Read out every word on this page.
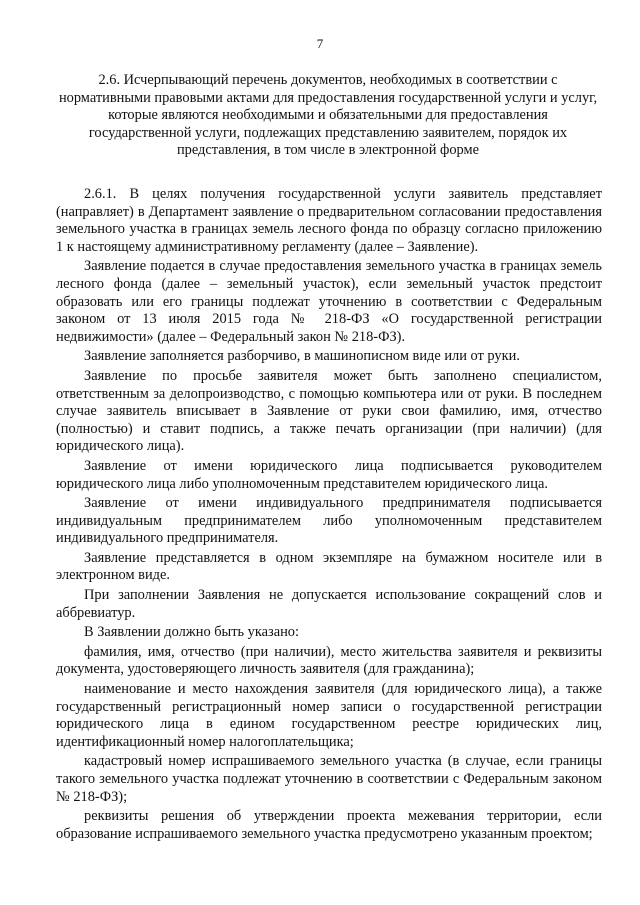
7
2.6. Исчерпывающий перечень документов, необходимых в соответствии с нормативными правовыми актами для предоставления государственной услуги и услуг, которые являются необходимыми и обязательными для предоставления государственной услуги, подлежащих представлению заявителем, порядок их представления, в том числе в электронной форме

2.6.1. В целях получения государственной услуги заявитель представляет (направляет) в Департамент заявление о предварительном согласовании предоставления земельного участка в границах земель лесного фонда по образцу согласно приложению 1 к настоящему административному регламенту (далее – Заявление).

Заявление подается в случае предоставления земельного участка в границах земель лесного фонда (далее – земельный участок), если земельный участок предстоит образовать или его границы подлежат уточнению в соответствии с Федеральным законом от 13 июля 2015 года № 218-ФЗ «О государственной регистрации недвижимости» (далее – Федеральный закон № 218-ФЗ).

Заявление заполняется разборчиво, в машинописном виде или от руки.

Заявление по просьбе заявителя может быть заполнено специалистом, ответственным за делопроизводство, с помощью компьютера или от руки. В последнем случае заявитель вписывает в Заявление от руки свои фамилию, имя, отчество (полностью) и ставит подпись, а также печать организации (при наличии) (для юридического лица).

Заявление от имени юридического лица подписывается руководителем юридического лица либо уполномоченным представителем юридического лица.

Заявление от имени индивидуального предпринимателя подписывается индивидуальным предпринимателем либо уполномоченным представителем индивидуального предпринимателя.

Заявление представляется в одном экземпляре на бумажном носителе или в электронном виде.

При заполнении Заявления не допускается использование сокращений слов и аббревиатур.

В Заявлении должно быть указано:

фамилия, имя, отчество (при наличии), место жительства заявителя и реквизиты документа, удостоверяющего личность заявителя (для гражданина);

наименование и место нахождения заявителя (для юридического лица), а также государственный регистрационный номер записи о государственной регистрации юридического лица в едином государственном реестре юридических лиц, идентификационный номер налогоплательщика;

кадастровый номер испрашиваемого земельного участка (в случае, если границы такого земельного участка подлежат уточнению в соответствии с Федеральным законом № 218-ФЗ);

реквизиты решения об утверждении проекта межевания территории, если образование испрашиваемого земельного участка предусмотрено указанным проектом;
